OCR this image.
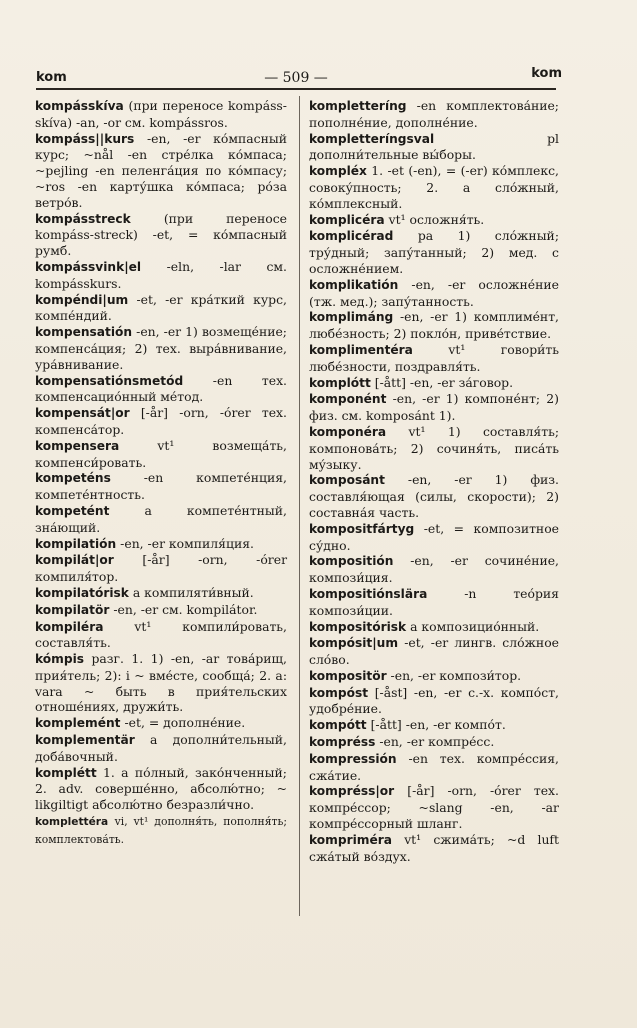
kom	— 509 —	kom
kompásskíva (при переносе kompáss-skíva) -an, -or см. kompássros.
kompáss||kurs -en, -er ко́мпасный курс; ~nål -en стре́лка ко́мпаса; ~pejling -en пеленга́ция по ко́мпасу; ~ros -en карту́шка ко́мпаса; ро́за ветро́в.
kompásstreck	(при переносе kompáss-streck) -et, = ко́мпасный румб.
kompássvink|el -eln, -lar см. kompásskurs.
kompéndi|um -et, -er кра́ткий курс, компе́ндий.
kompensatión -en, -er 1) возмеще́ние; компенса́ция; 2) тех. выра́внивание, ура́внивание.
kompensatiónsmetód -en тех. компенсацио́нный ме́тод.
kompensát|or [-år] -orn, -órer тех. компенса́тор.
kompensera	vt¹ возмеща́ть, компенси́ровать.
kompeténs	-en компете́нция, компете́нтность.
kompetént	a компете́нтный, зна́ющий.
kompilatión -en, -er компиля́ция.
kompilát|or [-år] -orn, -órer компиля́тор.
kompilatórisk a компиляти́вный.
kompilatör -en, -er см. kompilátor.
kompiléra vt¹ компили́ровать, составля́ть.
kómpis разг. 1. 1) -en, -ar това́рищ, прия́тель; 2): i ~ вме́сте, сообща́; 2. a: vara ~ быть в прия́тельских отноше́ниях, дружи́ть.
komplemént -et, = дополне́ние.
komplementär a дополни́тельный, доба́вочный.
komplétt 1. a по́лный, зако́нченный; 2. adv. соверше́нно, абсолю́тно; ~ likgiltigt абсолю́тно безразли́чно.
komplettéra vi, vt¹ дополня́ть, пополня́ть; комплектова́ть.
kompletteríng -en комплектова́ние; пополне́ние, дополне́ние.
kompletteríngsval	pl дополни́тельные вы́боры.
kompléx 1. -et (-en), = (-er) ко́мплекс, совоку́пность; 2. a сло́жный, ко́мплексный.
komplicéra vt¹ осложня́ть.
komplicérad pa 1) сло́жный; тру́дный; запу́танный; 2) мед. с осложне́нием.
komplikatión -en, -er осложне́ние (тж. мед.); запу́танность.
komplimáng -en, -er 1) комплиме́нт, любе́зность; 2) покло́н, приве́тствие.
komplimentéra	vt¹ говори́ть любе́зности, поздравля́ть.
komplótt [-ått] -en, -er за́говор.
komponént -en, -er 1) компоне́нт; 2) физ. см. komposánt 1).
komponéra vt¹ 1) составля́ть; компонова́ть; 2) сочиня́ть, писа́ть му́зыку.
komposánt -en, -er 1) физ. составля́ющая (силы, скорости); 2) составна́я часть.
kompositfártyg -et, = композитное су́дно.
kompositión -en, -er сочине́ние, компози́ция.
kompositiónslära	-n тео́рия компози́ции.
kompositórisk a композицио́нный.
kompósit|um -et, -er лингв. сло́жное сло́во.
kompositör -en, -er компози́тор.
kompóst [-åst] -en, -er с.-х. компо́ст, удобре́ние.
kompótt [-ått] -en, -er компо́т.
kompréss -en, -er компре́сс.
kompressión -en тех. компре́ссия, сжа́тие.
kompréss|or [-år] -orn, -órer тех. компре́ссор; ~slang -en, -ar компре́ссорный шланг.
kompriméra vt¹ сжима́ть; ~d luft сжа́тый во́здух.
